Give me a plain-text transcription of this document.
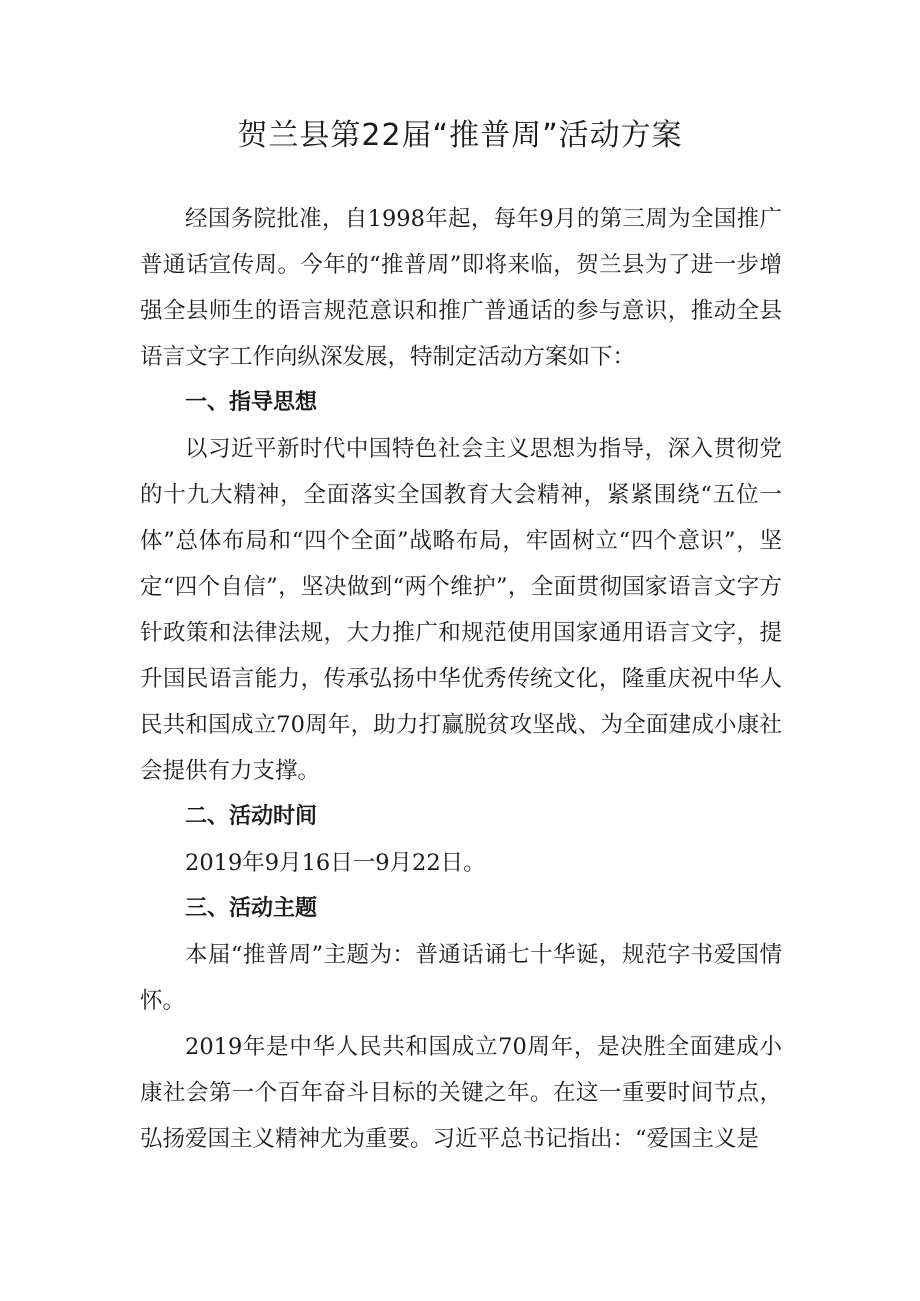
贺兰县第22届“推普周”活动方案

经国务院批准，自1998年起，每年9月的第三周为全国推广普通话宣传周。今年的“推普周”即将来临，贺兰县为了进一步增强全县师生的语言规范意识和推广普通话的参与意识，推动全县语言文字工作向纵深发展，特制定活动方案如下：

一、指导思想

以习近平新时代中国特色社会主义思想为指导，深入贯彻党的十九大精神，全面落实全国教育大会精神，紧紧围绕“五位一体”总体布局和“四个全面”战略布局，牢固树立“四个意识”，坚定“四个自信”，坚决做到“两个维护”，全面贯彻国家语言文字方针政策和法律法规，大力推广和规范使用国家通用语言文字，提升国民语言能力，传承弘扬中华优秀传统文化，隆重庆祝中华人民共和国成立70周年，助力打赢脱贫攻坚战、为全面建成小康社会提供有力支撑。

二、活动时间

2019年9月16日一9月22日。

三、活动主题

本届“推普周”主题为：普通话诵七十华诞，规范字书爱国情怀。

2019年是中华人民共和国成立70周年，是决胜全面建成小康社会第一个百年奋斗目标的关键之年。在这一重要时间节点，弘扬爱国主义精神尤为重要。习近平总书记指出：“爱国主义是
